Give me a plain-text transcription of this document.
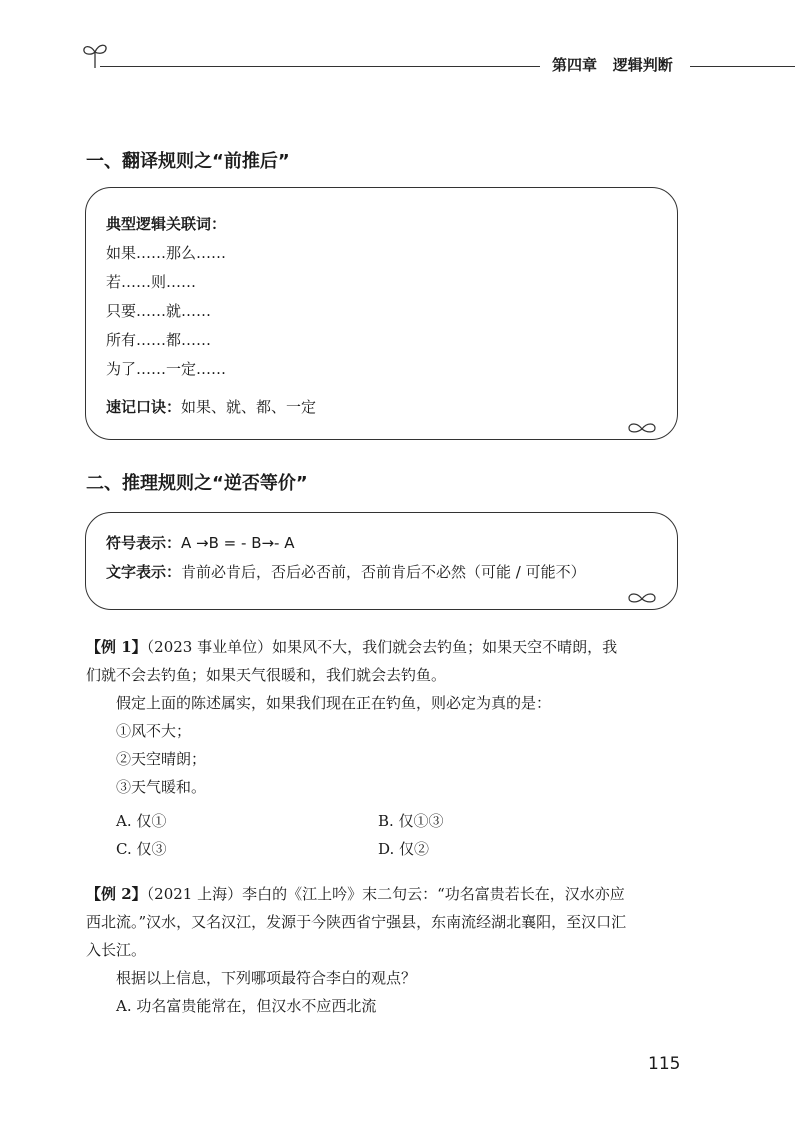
第四章 逻辑判断
一、翻译规则之“前推后”
典型逻辑关联词：
如果……那么……
若……则……
只要……就……
所有……都……
为了……一定……
速记口诀：如果、就、都、一定
二、推理规则之“逆否等价”
符号表示：A →B = - B→- A
文字表示：肯前必肯后，否后必否前，否前肯后不必然（可能 / 可能不）
【例 1】（2023 事业单位）如果风不大，我们就会去钓鱼；如果天空不晴朗，我
们就不会去钓鱼；如果天气很暖和，我们就会去钓鱼。
假定上面的陈述属实，如果我们现在正在钓鱼，则必定为真的是：
①风不大；
②天空晴朗；
③天气暖和。
A. 仅①	B. 仅①③
C. 仅③	D. 仅②
【例 2】（2021 上海）李白的《江上吟》末二句云：“功名富贵若长在，汉水亦应
西北流。”汉水，又名汉江，发源于今陕西省宁强县，东南流经湖北襄阳，至汉口汇
入长江。
根据以上信息，下列哪项最符合李白的观点？
A. 功名富贵能常在，但汉水不应西北流
115
